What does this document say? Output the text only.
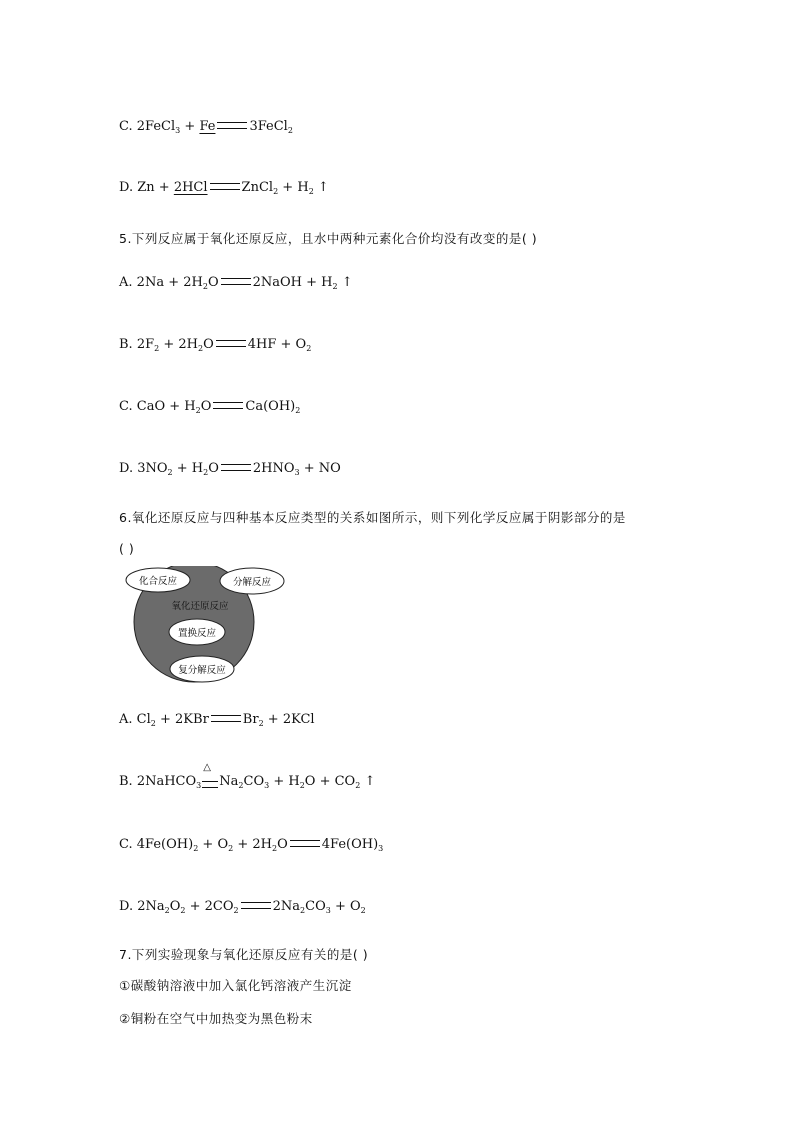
C. 2FeCl$_3$ + Fe	3FeCl$_2$
D. Zn + 2HCl	ZnCl$_2$ + $H_2$ ↑
5.下列反应属于氧化还原反应，且水中两种元素化合价均没有改变的是( )
A. $2Na + 2H_2O$	2NaOH + $H_2$ ↑
B. $2F_2 + 2H_2O$	$4HF + O_2$
C. CaO + $H_2O$	$Ca(OH)_2$
D. $3NO_2 + H_2O$	$2HNO_3$ + NO
6.氧化还原反应与四种基本反应类型的关系如图所示，则下列化学反应属于阴影部分的是
( )
化合反应	分解反应
氧化还原反应
置换反应
复分解反应
A. $Cl_2 + 2KBr$	$Br_2 + 2KCl$
B. 2NaHCO$_3$
△
$Na_2CO_3 + H_2O + CO_2$ ↑
C. $4Fe(OH)_2 + O_2 + 2H_2O$	$4Fe(OH)_3$
D. $2Na_2O_2 + 2CO_2$	$2Na_2CO_3 + O_2$
7.下列实验现象与氧化还原反应有关的是( )
①碳酸钠溶液中加入氯化钙溶液产生沉淀
②铜粉在空气中加热变为黑色粉末
